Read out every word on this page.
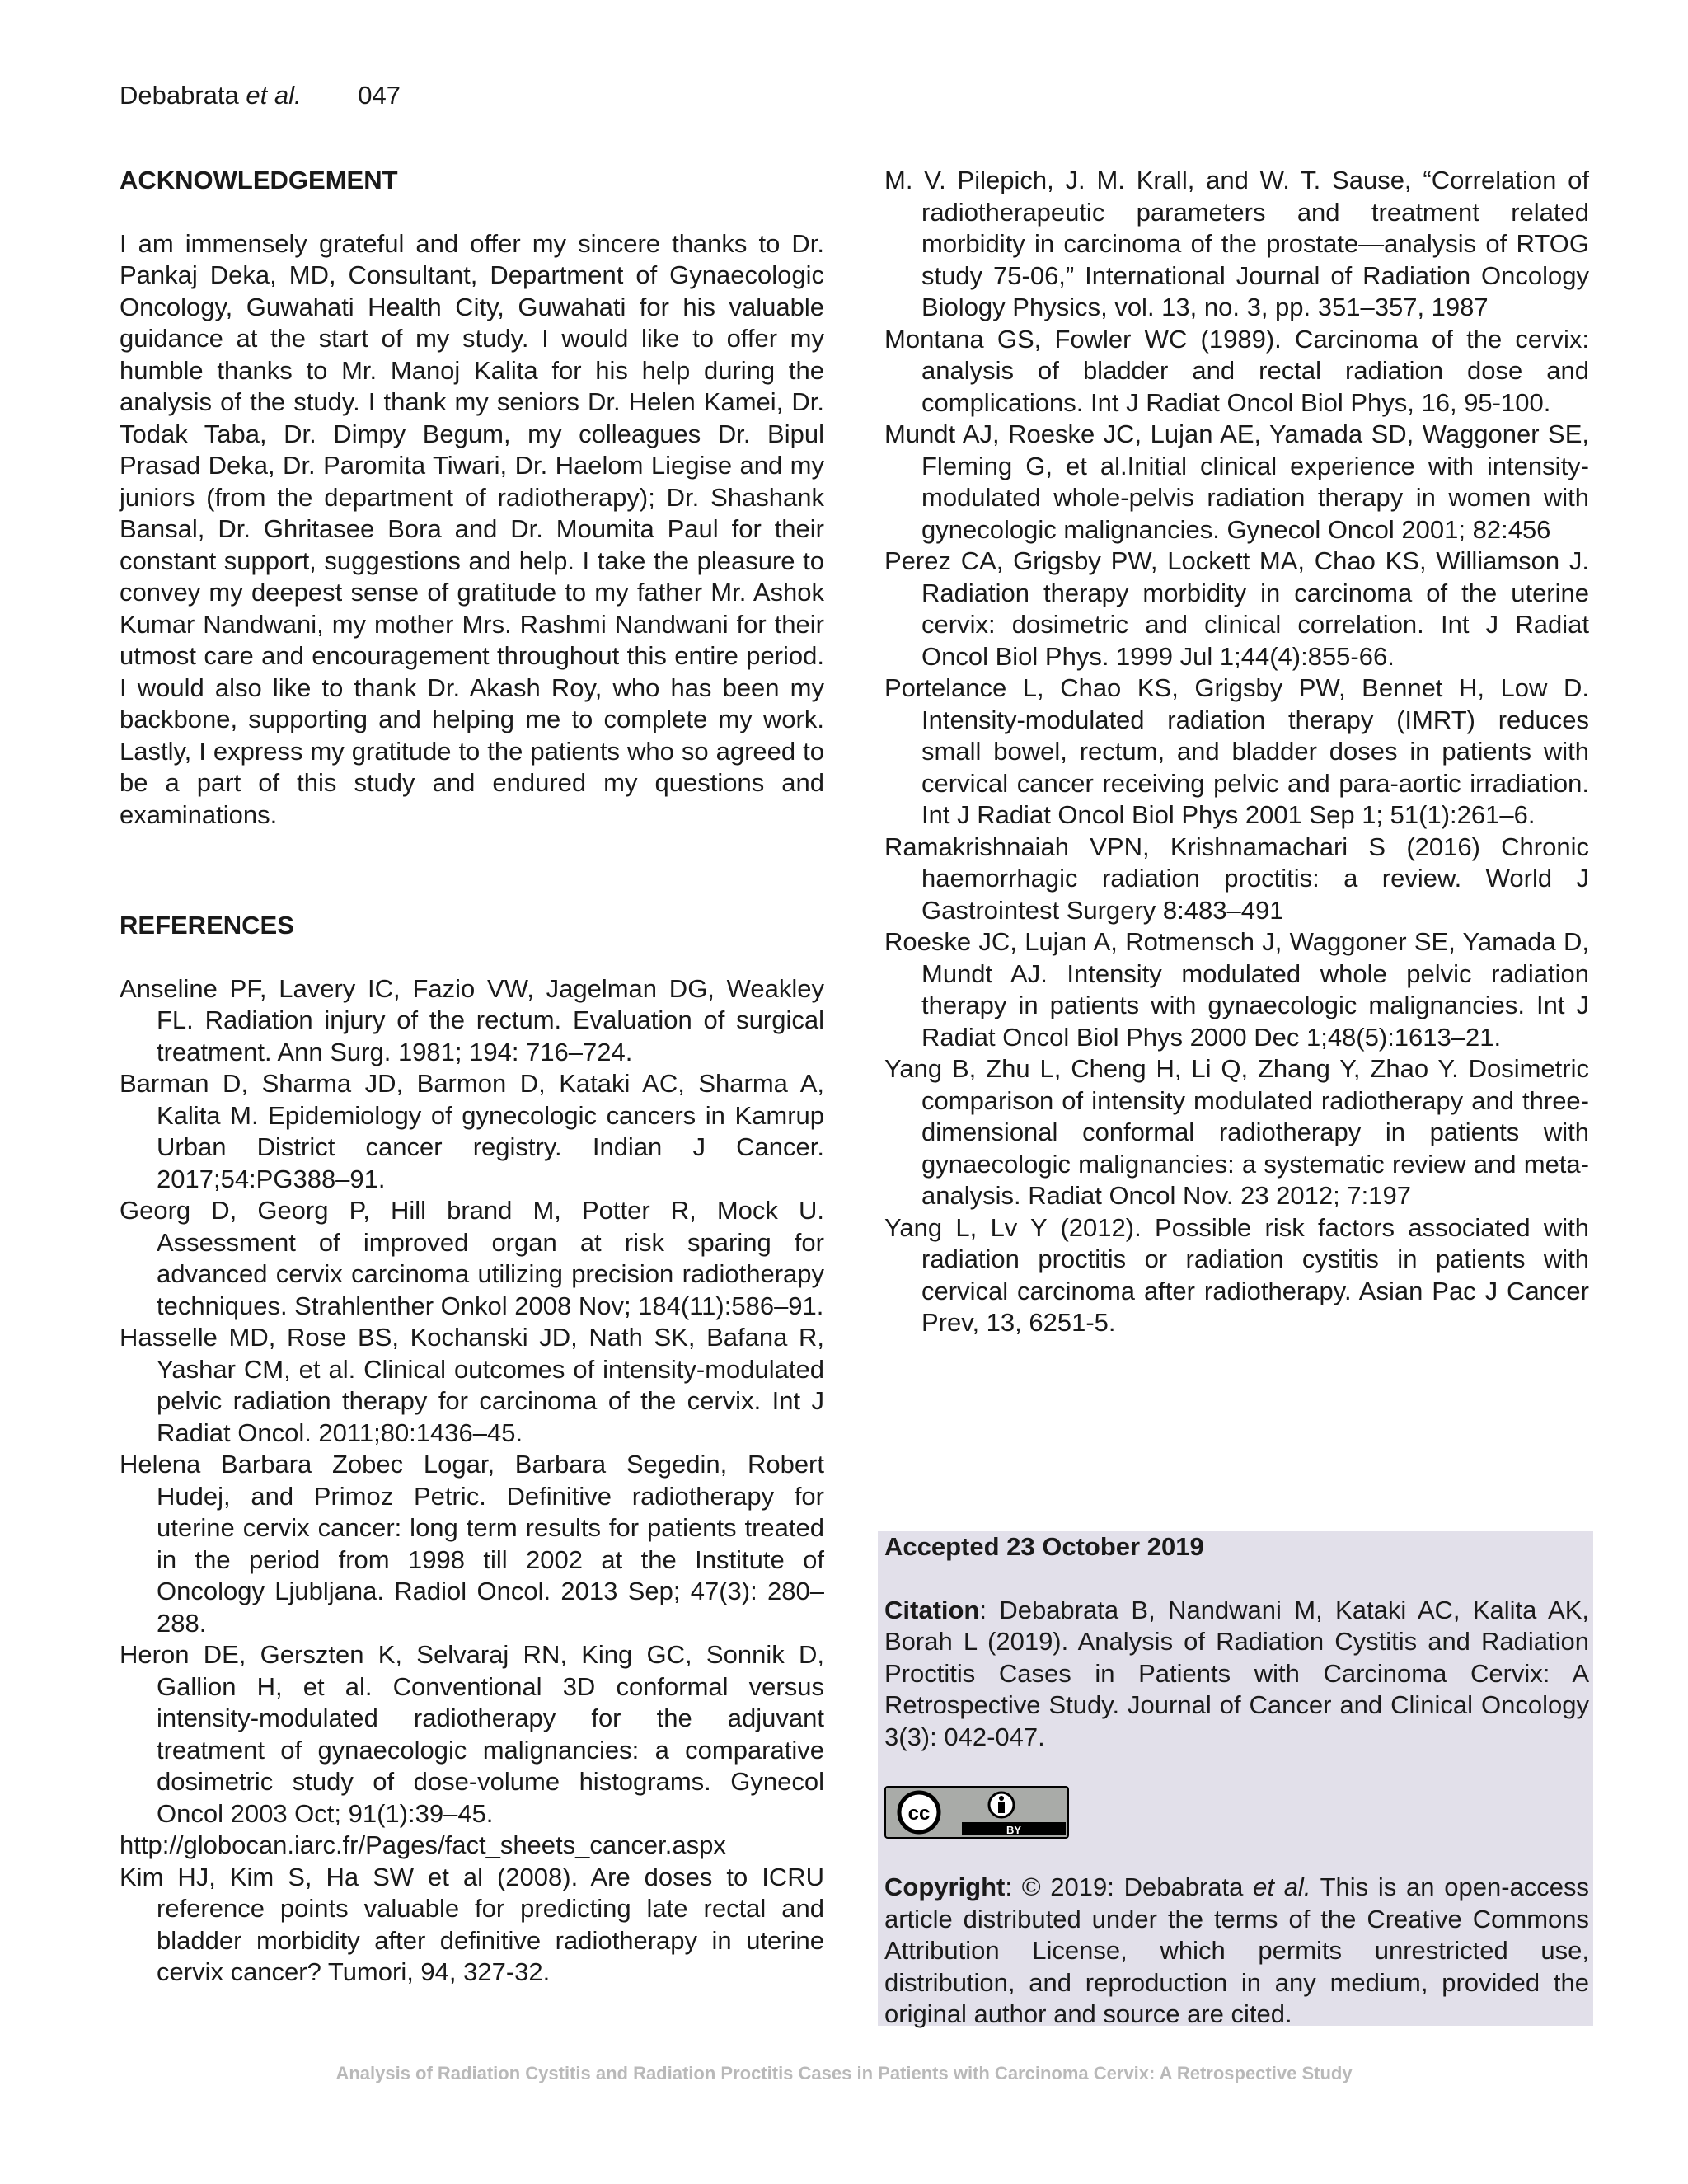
Debabrata et al. 047
ACKNOWLEDGEMENT

I am immensely grateful and offer my sincere thanks to Dr. Pankaj Deka, MD, Consultant, Department of Gynaecologic Oncology, Guwahati Health City, Guwahati for his valuable guidance at the start of my study. I would like to offer my humble thanks to Mr. Manoj Kalita for his help during the analysis of the study. I thank my seniors Dr. Helen Kamei, Dr. Todak Taba, Dr. Dimpy Begum, my colleagues Dr. Bipul Prasad Deka, Dr. Paromita Tiwari, Dr. Haelom Liegise and my juniors (from the department of radiotherapy); Dr. Shashank Bansal, Dr. Ghritasee Bora and Dr. Moumita Paul for their constant support, suggestions and help. I take the pleasure to convey my deepest sense of gratitude to my father Mr. Ashok Kumar Nandwani, my mother Mrs. Rashmi Nandwani for their utmost care and encouragement throughout this entire period. I would also like to thank Dr. Akash Roy, who has been my backbone, supporting and helping me to complete my work. Lastly, I express my gratitude to the patients who so agreed to be a part of this study and endured my questions and examinations.

REFERENCES
Anseline PF, Lavery IC, Fazio VW, Jagelman DG, Weakley FL. Radiation injury of the rectum. Evaluation of surgical treatment. Ann Surg. 1981; 194: 716–724.
Barman D, Sharma JD, Barmon D, Kataki AC, Sharma A, Kalita M. Epidemiology of gynecologic cancers in Kamrup Urban District cancer registry. Indian J Cancer. 2017;54:PG388–91.
Georg D, Georg P, Hill brand M, Potter R, Mock U. Assessment of improved organ at risk sparing for advanced cervix carcinoma utilizing precision radiotherapy techniques. Strahlenther Onkol 2008 Nov; 184(11):586–91.
Hasselle MD, Rose BS, Kochanski JD, Nath SK, Bafana R, Yashar CM, et al. Clinical outcomes of intensity-modulated pelvic radiation therapy for carcinoma of the cervix. Int J Radiat Oncol. 2011;80:1436–45.
Helena Barbara Zobec Logar, Barbara Segedin, Robert Hudej, and Primoz Petric. Definitive radiotherapy for uterine cervix cancer: long term results for patients treated in the period from 1998 till 2002 at the Institute of Oncology Ljubljana. Radiol Oncol. 2013 Sep; 47(3): 280–288.
Heron DE, Gerszten K, Selvaraj RN, King GC, Sonnik D, Gallion H, et al. Conventional 3D conformal versus intensity-modulated radiotherapy for the adjuvant treatment of gynaecologic malignancies: a comparative dosimetric study of dose-volume histograms. Gynecol Oncol 2003 Oct; 91(1):39–45.
http://globocan.iarc.fr/Pages/fact_sheets_cancer.aspx
Kim HJ, Kim S, Ha SW et al (2008). Are doses to ICRU reference points valuable for predicting late rectal and bladder morbidity after definitive radiotherapy in uterine cervix cancer? Tumori, 94, 327-32.
M. V. Pilepich, J. M. Krall, and W. T. Sause, “Correlation of radiotherapeutic parameters and treatment related morbidity in carcinoma of the prostate—analysis of RTOG study 75-06,” International Journal of Radiation Oncology Biology Physics, vol. 13, no. 3, pp. 351–357, 1987
Montana GS, Fowler WC (1989). Carcinoma of the cervix: analysis of bladder and rectal radiation dose and complications. Int J Radiat Oncol Biol Phys, 16, 95-100.
Mundt AJ, Roeske JC, Lujan AE, Yamada SD, Waggoner SE, Fleming G, et al.Initial clinical experience with intensity-modulated whole-pelvis radiation therapy in women with gynecologic malignancies. Gynecol Oncol 2001; 82:456
Perez CA, Grigsby PW, Lockett MA, Chao KS, Williamson J. Radiation therapy morbidity in carcinoma of the uterine cervix: dosimetric and clinical correlation. Int J Radiat Oncol Biol Phys. 1999 Jul 1;44(4):855-66.
Portelance L, Chao KS, Grigsby PW, Bennet H, Low D. Intensity-modulated radiation therapy (IMRT) reduces small bowel, rectum, and bladder doses in patients with cervical cancer receiving pelvic and para-aortic irradiation. Int J Radiat Oncol Biol Phys 2001 Sep 1; 51(1):261–6.
Ramakrishnaiah VPN, Krishnamachari S (2016) Chronic haemorrhagic radiation proctitis: a review. World J Gastrointest Surgery 8:483–491
Roeske JC, Lujan A, Rotmensch J, Waggoner SE, Yamada D, Mundt AJ. Intensity modulated whole pelvic radiation therapy in patients with gynaecologic malignancies. Int J Radiat Oncol Biol Phys 2000 Dec 1;48(5):1613–21.
Yang B, Zhu L, Cheng H, Li Q, Zhang Y, Zhao Y. Dosimetric comparison of intensity modulated radiotherapy and three-dimensional conformal radiotherapy in patients with gynaecologic malignancies: a systematic review and meta-analysis. Radiat Oncol Nov. 23 2012; 7:197
Yang L, Lv Y (2012). Possible risk factors associated with radiation proctitis or radiation cystitis in patients with cervical carcinoma after radiotherapy. Asian Pac J Cancer Prev, 13, 6251-5.

Accepted 23 October 2019

Citation: Debabrata B, Nandwani M, Kataki AC, Kalita AK, Borah L (2019). Analysis of Radiation Cystitis and Radiation Proctitis Cases in Patients with Carcinoma Cervix: A Retrospective Study. Journal of Cancer and Clinical Oncology 3(3): 042-047.

cc
BY

Copyright: © 2019: Debabrata et al. This is an open-access article distributed under the terms of the Creative Commons Attribution License, which permits unrestricted use, distribution, and reproduction in any medium, provided the original author and source are cited.

Analysis of Radiation Cystitis and Radiation Proctitis Cases in Patients with Carcinoma Cervix: A Retrospective Study
